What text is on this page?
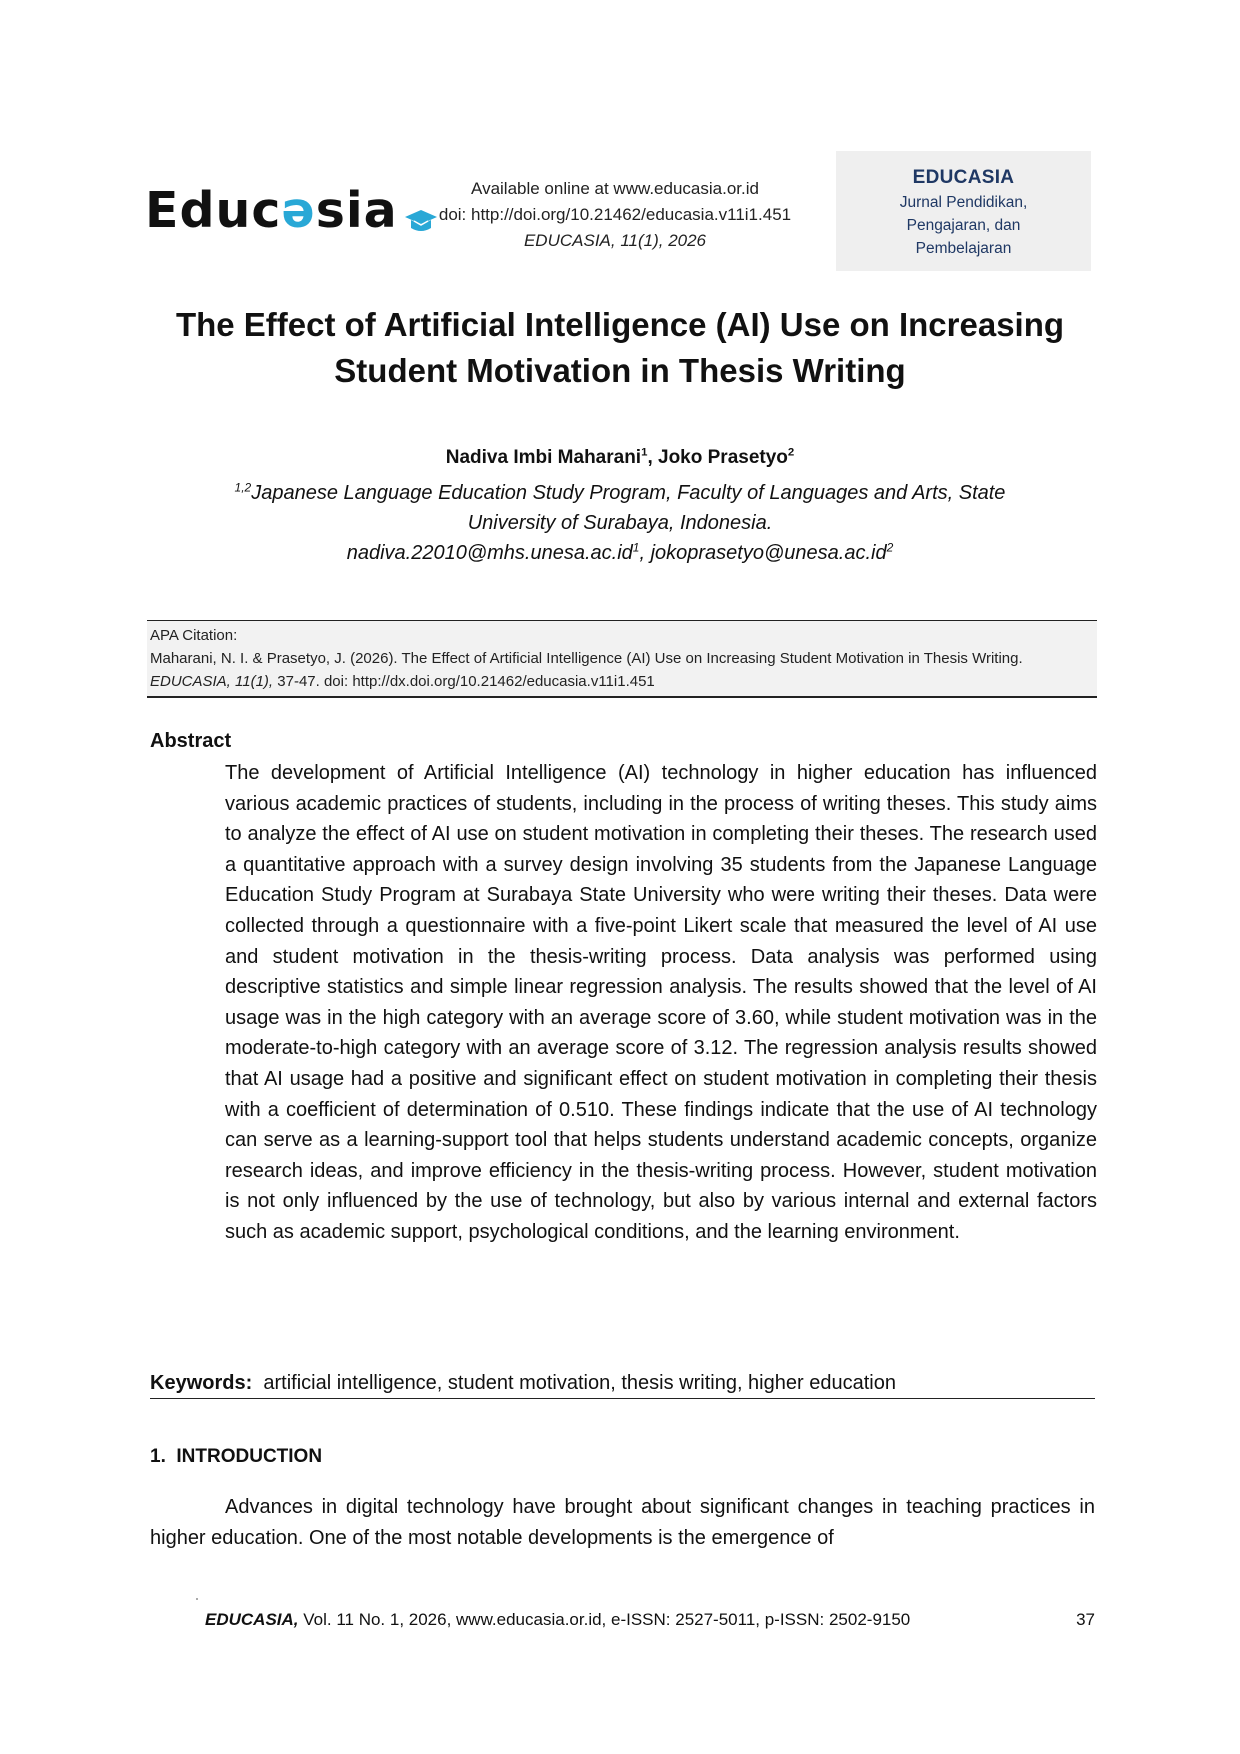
Educ ə sia	Available online at www.educasia.or.id
doi: http://doi.org/10.21462/educasia.v11i1.451
EDUCASIA, 11(1), 2026
EDUCASIA
Jurnal Pendidikan,
Pengajaran, dan
Pembelajaran
The Effect of Artificial Intelligence (AI) Use on Increasing
Student Motivation in Thesis Writing
Nadiva Imbi Maharani$^1$, Joko Prasetyo$^2$
$^{1,2}$Japanese Language Education Study Program, Faculty of Languages and Arts, State
University of Surabaya, Indonesia.
$nadiva.22010@mhs.unesa.ac.id^1$, $jokoprasetyo@unesa.ac.id^2$
APA Citation:
Maharani, N. I. & Prasetyo, J. (2026). The Effect of Artificial Intelligence (AI) Use on Increasing Student Motivation in Thesis Writing. EDUCASIA, 11(1), 37-47. doi: http://dx.doi.org/10.21462/educasia.v11i1.451
Abstract
The development of Artificial Intelligence (AI) technology in higher education has influenced various academic practices of students, including in the process of writing theses. This study aims to analyze the effect of AI use on student motivation in completing their theses. The research used a quantitative approach with a survey design involving 35 students from the Japanese Language Education Study Program at Surabaya State University who were writing their theses. Data were collected through a questionnaire with a five-point Likert scale that measured the level of AI use and student motivation in the thesis-writing process. Data analysis was performed using descriptive statistics and simple linear regression analysis. The results showed that the level of AI usage was in the high category with an average score of 3.60, while student motivation was in the moderate-to-high category with an average score of 3.12. The regression analysis results showed that AI usage had a positive and significant effect on student motivation in completing their thesis with a coefficient of determination of 0.510. These findings indicate that the use of AI technology can serve as a learning-support tool that helps students understand academic concepts, organize research ideas, and improve efficiency in the thesis-writing process. However, student motivation is not only influenced by the use of technology, but also by various internal and external factors such as academic support, psychological conditions, and the learning environment.
Keywords: artificial intelligence, student motivation, thesis writing, higher education
1.  INTRODUCTION
Advances in digital technology have brought about significant changes in teaching practices in higher education. One of the most notable developments is the emergence of
EDUCASIA, Vol. 11 No. 1, 2026, www.educasia.or.id, e-ISSN: 2527-5011, p-ISSN: 2502-9150	37
